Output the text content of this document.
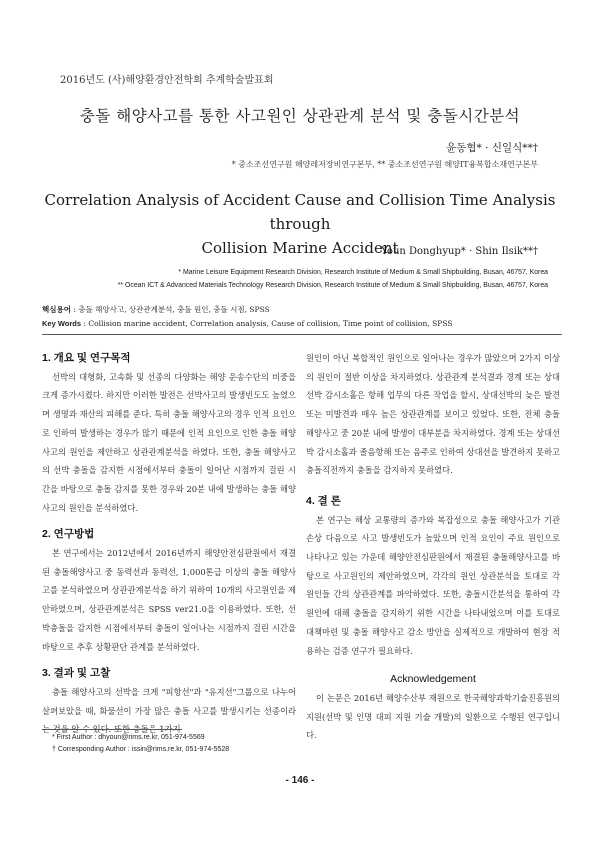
2016년도 (사)해양환경안전학회 추계학술발표회
충돌 해양사고를 통한 사고원인 상관관계 분석 및 충돌시간분석
윤동협* · 신일식**†
* 중소조선연구원 해양레저장비연구본부, ** 중소조선연구원 해양IT융복합소재연구본부
Correlation Analysis of Accident Cause and Collision Time Analysis through
Collision Marine Accident
Youn Donghyup* · Shin Ilsik**†
* Marine Leisure Equipment Research Division, Research Institute of Medium & Small Shipbuilding, Busan, 46757, Korea
** Ocean ICT & Advanced Materials Technology Research Division, Research Institute of Medium & Small Shipbuilding, Busan, 46757, Korea
핵심용어 : 충돌 해양사고, 상관관계분석, 충돌 원인, 충돌 시점, SPSS
Key Words : Collision marine accident, Correlation analysis, Cause of collision, Time point of collision, SPSS
1. 개요 및 연구목적

선박의 대형화, 고속화 및 선종의 다양화는 해양 운송수단의 비중을 크게 증가시켰다. 하지만 이러한 발전은 선박사고의 발생빈도도 높였으며 생명과 재산의 피해를 준다. 특히 충돌 해양사고의 경우 인적 요인으로 인하여 발생하는 경우가 많기 때문에 인적 요인으로 인한 충돌 해양사고의 원인을 제안하고 상관관계분석을 하였다. 또한, 충돌 해양사고의 선박 충돌을 감지한 시점에서부터 충돌이 일어난 시점까지 걸린 시간을 바탕으로 충돌 감지를 못한 경우와 20분 내에 발생하는 충돌 해양사고의 원인을 분석하였다.

2. 연구방법

본 연구에서는 2012년에서 2016년까지 해양안전심판원에서 재결된 충돌해양사고 중 동력선과 동력선, 1,000톤급 이상의 충돌 해양사고를 분석하였으며 상관관계분석을 하기 위하여 10개의 사고원인을 제안하였으며, 상관관계분석은 SPSS ver21.0을 이용하였다. 또한, 선박충돌을 감지한 시점에서부터 충돌이 일어나는 시점까지 걸린 시간을 바탕으로 추후 상황판단 관계를 분석하였다.

3. 결과 및 고찰

충돌 해양사고의 선박을 크게 "피항선"과 "유지선"그룹으로 나누어 살펴보았을 때, 화물선이 가장 많은 충돌 사고를 발생시키는 선종이라는 것을 알 수 있다. 또한 충돌은 1가지

원인이 아닌 복합적인 원인으로 일어나는 경우가 많았으며 2가지 이상의 원인이 절반 이상을 차지하였다. 상관관계 분석결과 경계 또는 상대 선박 감시소홀은 항해 업무의 다른 작업을 할시, 상대선박의 늦은 발견 또는 미발견과 매우 높은 상관관계를 보이고 있었다. 또한, 전체 충돌 해양사고 중 20분 내에 발생이 대부분을 차지하였다. 경계 또는 상대선박 감시소홀과 졸음항해 또는 음주로 인하여 상대선을 발견하지 못하고 충돌직전까지 충돌을 감지하지 못하였다.

4. 결 론

본 연구는 해상 교통량의 증가와 복잡성으로 충돌 해양사고가 기관 손상 다음으로 사고 발생빈도가 높았으며 인적 요인이 주요 원인으로 나타나고 있는 가운데 해양안전심판원에서 재결된 충돌해양사고를 바탕으로 사고원인의 제안하였으며, 각각의 원인 상관분석을 토대로 각 원인들 간의 상관관계를 파악하였다. 또한, 충돌시간분석을 통하여 각 원인에 대해 충돌을 감지하기 위한 시간을 나타내었으며 이를 토대로 대책마련 및 충돌 해양사고 감소 방안을 실제적으로 개발하여 현장 적용하는 검증 연구가 필요하다.

Acknowledgement

이 논문은 2016년 해양수산부 재원으로 한국해양과학기술진흥원의 지원(선박 및 인명 대피 지원 기술 개발)의 일환으로 수행된 연구입니다.

* First Author : dhyoun@rims.re.kr, 051-974-5569
† Corresponding Author : issin@rims.re.kr, 051-974-5528
- 146 -
